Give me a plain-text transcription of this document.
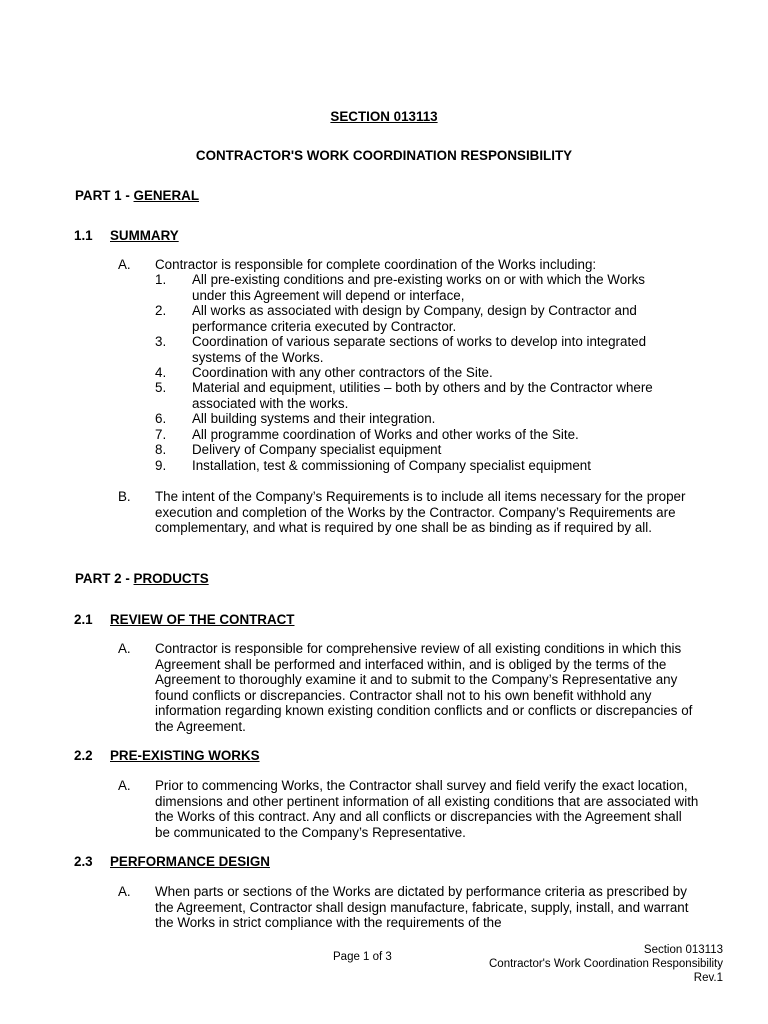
SECTION 013113

CONTRACTOR'S WORK COORDINATION RESPONSIBILITY

PART 1 - GENERAL

1.1 SUMMARY

A. Contractor is responsible for complete coordination of the Works including:

1.	All pre-existing conditions and pre-existing works on or with which the Works under this Agreement will depend or interface,
2.	All works as associated with design by Company, design by Contractor and performance criteria executed by Contractor.
3.	Coordination of various separate sections of works to develop into integrated systems of the Works.
4.	Coordination with any other contractors of the Site.
5.	Material and equipment, utilities – both by others and by the Contractor where associated with the works.
6.	All building systems and their integration.
7.	All programme coordination of Works and other works of the Site.
8.	Delivery of Company specialist equipment
9.	Installation, test & commissioning of Company specialist equipment

B. The intent of the Company’s Requirements is to include all items necessary for the proper execution and completion of the Works by the Contractor. Company’s Requirements are complementary, and what is required by one shall be as binding as if required by all.

PART 2 - PRODUCTS

2.1 REVIEW OF THE CONTRACT

A. Contractor is responsible for comprehensive review of all existing conditions in which this Agreement shall be performed and interfaced within, and is obliged by the terms of the Agreement to thoroughly examine it and to submit to the Company’s Representative any found conflicts or discrepancies. Contractor shall not to his own benefit withhold any information regarding known existing condition conflicts and or conflicts or discrepancies of the Agreement.

2.2 PRE-EXISTING WORKS

A. Prior to commencing Works, the Contractor shall survey and field verify the exact location, dimensions and other pertinent information of all existing conditions that are associated with the Works of this contract. Any and all conflicts or discrepancies with the Agreement shall be communicated to the Company’s Representative.

2.3 PERFORMANCE DESIGN

A. When parts or sections of the Works are dictated by performance criteria as prescribed by the Agreement, Contractor shall design manufacture, fabricate, supply, install, and warrant the Works in strict compliance with the requirements of the

Page 1 of 3

Section 013113

Contractor's Work Coordination Responsibility

Rev.1
